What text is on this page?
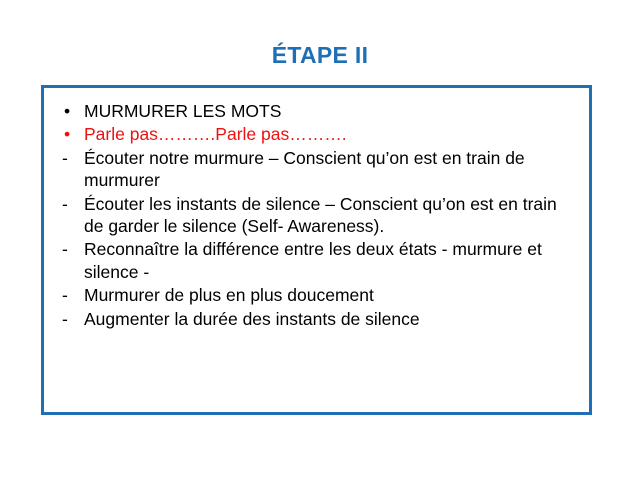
ÉTAPE II
• MURMURER LES MOTS
• Parle pas……….Parle pas……….
- Écouter notre murmure – Conscient qu’on est en train de murmurer
- Écouter les instants de silence – Conscient qu’on est en train de garder le silence (Self- Awareness).
- Reconnaître la différence entre les deux états - murmure et silence -
- Murmurer de plus en plus doucement
- Augmenter la durée des instants de silence
